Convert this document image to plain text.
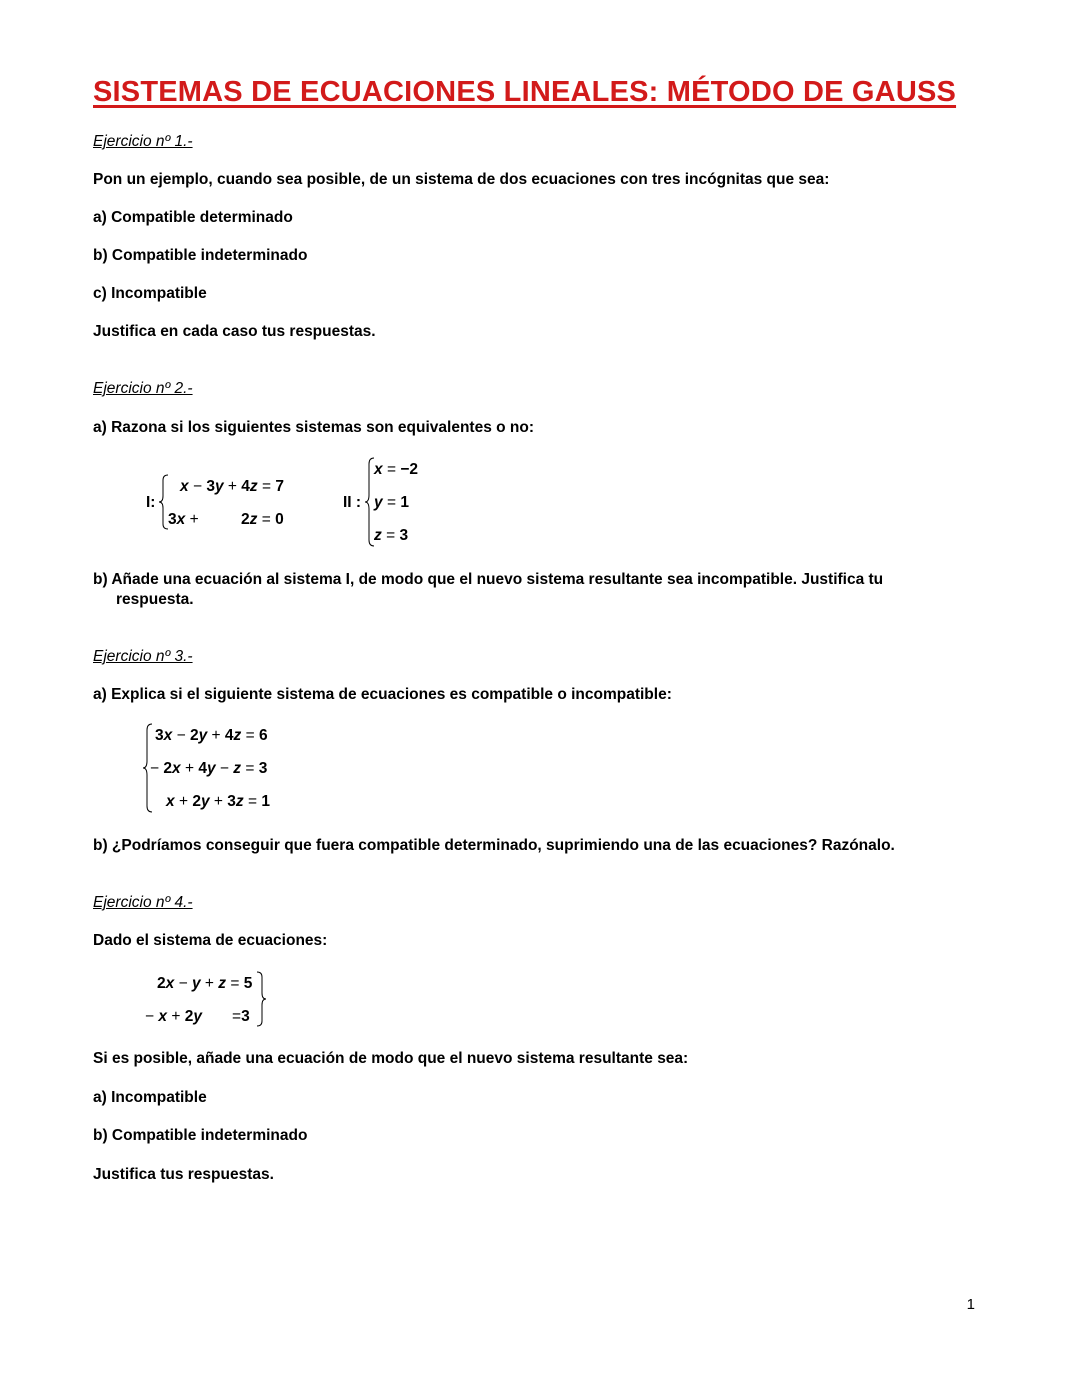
SISTEMAS DE ECUACIONES LINEALES: MÉTODO DE GAUSS
Ejercicio nº 1.-
Pon un ejemplo, cuando sea posible, de un sistema de dos ecuaciones con tres incógnitas que sea:
a) Compatible determinado
b) Compatible indeterminado
c) Incompatible
Justifica en cada caso tus respuestas.
Ejercicio nº 2.-
a) Razona si los siguientes sistemas son equivalentes o no:
I:
x − 3y + 4z = 7
3x +	2z = 0
II :
x = −2
y = 1
z = 3
b) Añade una ecuación al sistema I, de modo que el nuevo sistema resultante sea incompatible. Justifica tu
respuesta.
Ejercicio nº 3.-
a) Explica si el siguiente sistema de ecuaciones es compatible o incompatible:
3x − 2y + 4z = 6
− 2x + 4y − z = 3
x + 2y + 3z = 1
b) ¿Podríamos conseguir que fuera compatible determinado, suprimiendo una de las ecuaciones? Razónalo.
Ejercicio nº 4.-
Dado el sistema de ecuaciones:
2x − y + z = 5
− x + 2y =3
Si es posible, añade una ecuación de modo que el nuevo sistema resultante sea:
a) Incompatible
b) Compatible indeterminado
Justifica tus respuestas.
1
